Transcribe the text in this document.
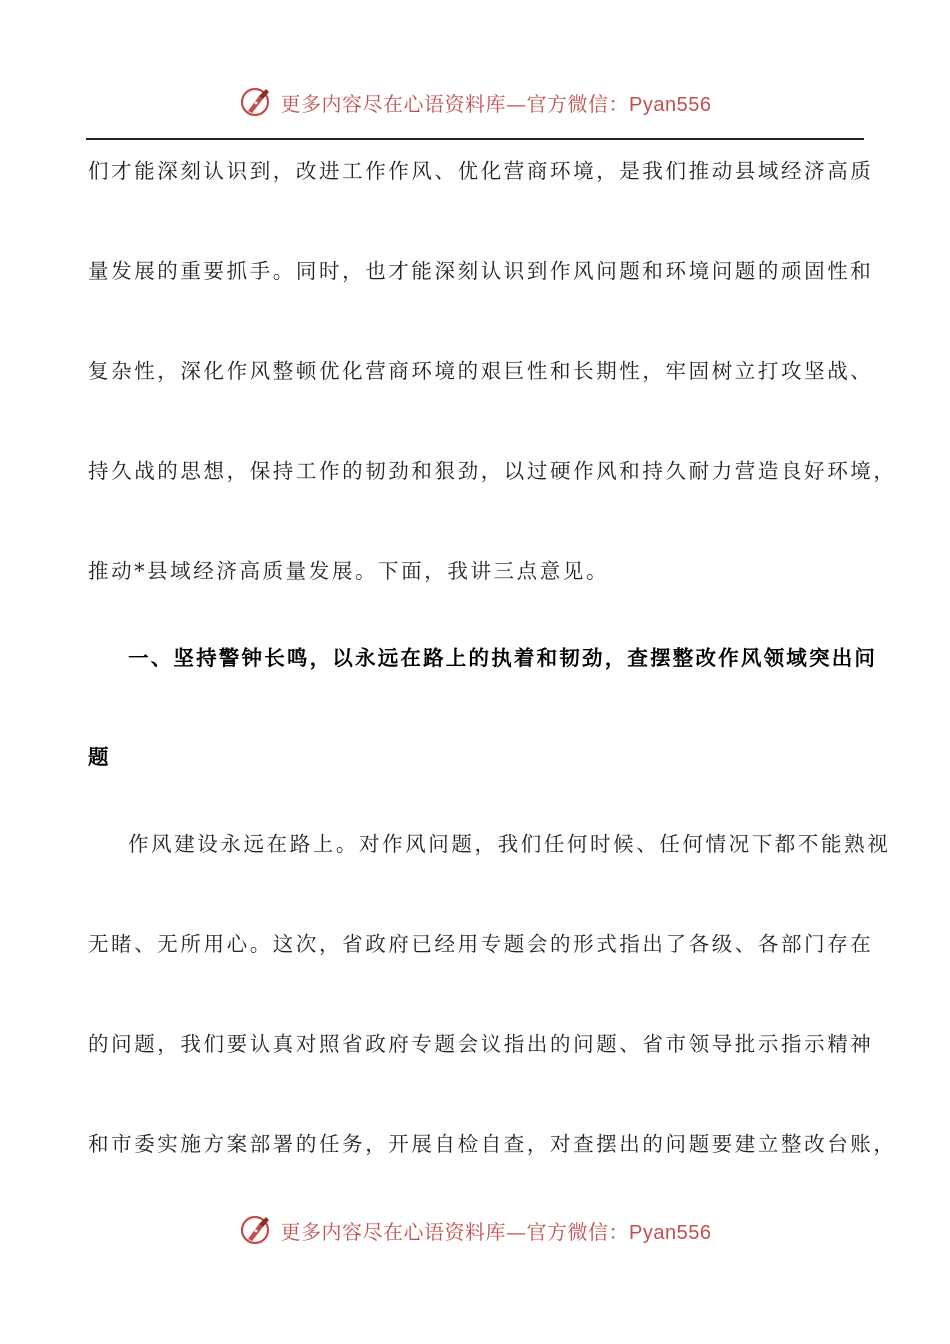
更多内容尽在心语资料库—官方微信：Pyan556
们才能深刻认识到，改进工作作风、优化营商环境，是我们推动县域经济高质
量发展的重要抓手。同时，也才能深刻认识到作风问题和环境问题的顽固性和
复杂性，深化作风整顿优化营商环境的艰巨性和长期性，牢固树立打攻坚战、
持久战的思想，保持工作的韧劲和狠劲，以过硬作风和持久耐力营造良好环境，
推动*县域经济高质量发展。下面，我讲三点意见。
一、坚持警钟长鸣，以永远在路上的执着和韧劲，查摆整改作风领域突出问
题
作风建设永远在路上。对作风问题，我们任何时候、任何情况下都不能熟视
无睹、无所用心。这次，省政府已经用专题会的形式指出了各级、各部门存在
的问题，我们要认真对照省政府专题会议指出的问题、省市领导批示指示精神
和市委实施方案部署的任务，开展自检自查，对查摆出的问题要建立整改台账，
更多内容尽在心语资料库—官方微信：Pyan556
